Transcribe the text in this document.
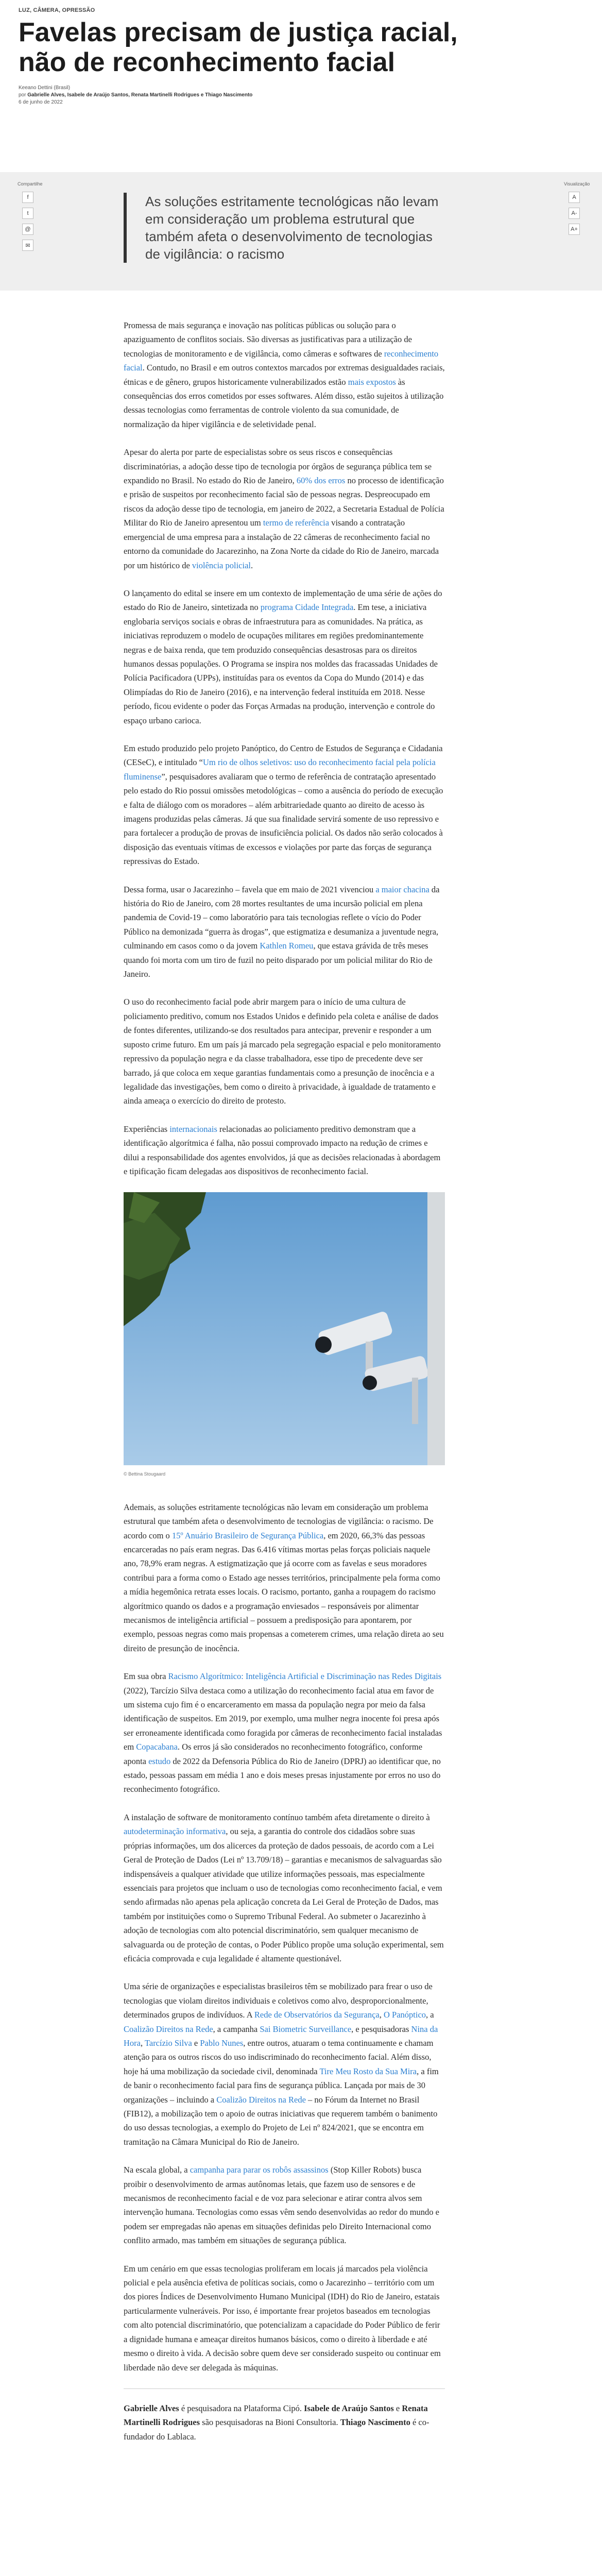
LUZ, CÂMERA, OPRESSÃO
Favelas precisam de justiça racial, não de reconhecimento facial
Keeano Dettini (Brasil)
por Gabrielle Alves, Isabele de Araújo Santos, Renata Martinelli Rodrigues e Thiago Nascimento
6 de junho de 2022
Compartilhe
f
t
@
✉
As soluções estritamente tecnológicas não levam em consideração um problema estrutural que também afeta o desenvolvimento de tecnologias de vigilância: o racismo
Visualização
A
A-
A+

Promessa de mais segurança e inovação nas políticas públicas ou solução para o apaziguamento de conflitos sociais. São diversas as justificativas para a utilização de tecnologias de monitoramento e de vigilância, como câmeras e softwares de reconhecimento facial. Contudo, no Brasil e em outros contextos marcados por extremas desigualdades raciais, étnicas e de gênero, grupos historicamente vulnerabilizados estão mais expostos às consequências dos erros cometidos por esses softwares. Além disso, estão sujeitos à utilização dessas tecnologias como ferramentas de controle violento da sua comunidade, de normalização da hiper vigilância e de seletividade penal.

Apesar do alerta por parte de especialistas sobre os seus riscos e consequências discriminatórias, a adoção desse tipo de tecnologia por órgãos de segurança pública tem se expandido no Brasil. No estado do Rio de Janeiro, 60% dos erros no processo de identificação e prisão de suspeitos por reconhecimento facial são de pessoas negras. Despreocupado em riscos da adoção desse tipo de tecnologia, em janeiro de 2022, a Secretaria Estadual de Polícia Militar do Rio de Janeiro apresentou um termo de referência visando a contratação emergencial de uma empresa para a instalação de 22 câmeras de reconhecimento facial no entorno da comunidade do Jacarezinho, na Zona Norte da cidade do Rio de Janeiro, marcada por um histórico de violência policial.

O lançamento do edital se insere em um contexto de implementação de uma série de ações do estado do Rio de Janeiro, sintetizada no programa Cidade Integrada. Em tese, a iniciativa englobaria serviços sociais e obras de infraestrutura para as comunidades. Na prática, as iniciativas reproduzem o modelo de ocupações militares em regiões predominantemente negras e de baixa renda, que tem produzido consequências desastrosas para os direitos humanos dessas populações. O Programa se inspira nos moldes das fracassadas Unidades de Polícia Pacificadora (UPPs), instituídas para os eventos da Copa do Mundo (2014) e das Olimpíadas do Rio de Janeiro (2016), e na intervenção federal instituída em 2018. Nesse período, ficou evidente o poder das Forças Armadas na produção, intervenção e controle do espaço urbano carioca.

Em estudo produzido pelo projeto Panóptico, do Centro de Estudos de Segurança e Cidadania (CESeC), e intitulado “Um rio de olhos seletivos: uso do reconhecimento facial pela polícia fluminense”, pesquisadores avaliaram que o termo de referência de contratação apresentado pelo estado do Rio possui omissões metodológicas – como a ausência do período de execução e falta de diálogo com os moradores – além arbitrariedade quanto ao direito de acesso às imagens produzidas pelas câmeras. Já que sua finalidade servirá somente de uso repressivo e para fortalecer a produção de provas de insuficiência policial. Os dados não serão colocados à disposição das eventuais vítimas de excessos e violações por parte das forças de segurança repressivas do Estado.

Dessa forma, usar o Jacarezinho – favela que em maio de 2021 vivenciou a maior chacina da história do Rio de Janeiro, com 28 mortes resultantes de uma incursão policial em plena pandemia de Covid-19 – como laboratório para tais tecnologias reflete o vício do Poder Público na demonizada “guerra às drogas”, que estigmatiza e desumaniza a juventude negra, culminando em casos como o da jovem Kathlen Romeu, que estava grávida de três meses quando foi morta com um tiro de fuzil no peito disparado por um policial militar do Rio de Janeiro.

O uso do reconhecimento facial pode abrir margem para o início de uma cultura de policiamento preditivo, comum nos Estados Unidos e definido pela coleta e análise de dados de fontes diferentes, utilizando-se dos resultados para antecipar, prevenir e responder a um suposto crime futuro. Em um país já marcado pela segregação espacial e pelo monitoramento repressivo da população negra e da classe trabalhadora, esse tipo de precedente deve ser barrado, já que coloca em xeque garantias fundamentais como a presunção de inocência e a legalidade das investigações, bem como o direito à privacidade, à igualdade de tratamento e ainda ameaça o exercício do direito de protesto.

Experiências internacionais relacionadas ao policiamento preditivo demonstram que a identificação algorítmica é falha, não possui comprovado impacto na redução de crimes e dilui a responsabilidade dos agentes envolvidos, já que as decisões relacionadas à abordagem e tipificação ficam delegadas aos dispositivos de reconhecimento facial.

© Bettina Stougaard

Ademais, as soluções estritamente tecnológicas não levam em consideração um problema estrutural que também afeta o desenvolvimento de tecnologias de vigilância: o racismo. De acordo com o 15º Anuário Brasileiro de Segurança Pública, em 2020, 66,3% das pessoas encarceradas no país eram negras. Das 6.416 vítimas mortas pelas forças policiais naquele ano, 78,9% eram negras. A estigmatização que já ocorre com as favelas e seus moradores contribui para a forma como o Estado age nesses territórios, principalmente pela forma como a mídia hegemônica retrata esses locais. O racismo, portanto, ganha a roupagem do racismo algorítmico quando os dados e a programação enviesados – responsáveis por alimentar mecanismos de inteligência artificial – possuem a predisposição para apontarem, por exemplo, pessoas negras como mais propensas a cometerem crimes, uma relação direta ao seu direito de presunção de inocência.

Em sua obra Racismo Algorítmico: Inteligência Artificial e Discriminação nas Redes Digitais (2022), Tarcízio Silva destaca como a utilização do reconhecimento facial atua em favor de um sistema cujo fim é o encarceramento em massa da população negra por meio da falsa identificação de suspeitos. Em 2019, por exemplo, uma mulher negra inocente foi presa após ser erroneamente identificada como foragida por câmeras de reconhecimento facial instaladas em Copacabana. Os erros já são considerados no reconhecimento fotográfico, conforme aponta estudo de 2022 da Defensoria Pública do Rio de Janeiro (DPRJ) ao identificar que, no estado, pessoas passam em média 1 ano e dois meses presas injustamente por erros no uso do reconhecimento fotográfico.

A instalação de software de monitoramento contínuo também afeta diretamente o direito à autodeterminação informativa, ou seja, a garantia do controle dos cidadãos sobre suas próprias informações, um dos alicerces da proteção de dados pessoais, de acordo com a Lei Geral de Proteção de Dados (Lei nº 13.709/18) – garantias e mecanismos de salvaguardas são indispensáveis a qualquer atividade que utilize informações pessoais, mas especialmente essenciais para projetos que incluam o uso de tecnologias como reconhecimento facial, e vem sendo afirmadas não apenas pela aplicação concreta da Lei Geral de Proteção de Dados, mas também por instituições como o Supremo Tribunal Federal. Ao submeter o Jacarezinho à adoção de tecnologias com alto potencial discriminatório, sem qualquer mecanismo de salvaguarda ou de proteção de contas, o Poder Público propõe uma solução experimental, sem eficácia comprovada e cuja legalidade é altamente questionável.

Uma série de organizações e especialistas brasileiros têm se mobilizado para frear o uso de tecnologias que violam direitos individuais e coletivos como alvo, desproporcionalmente, determinados grupos de indivíduos. A Rede de Observatórios da Segurança, O Panóptico, a Coalizão Direitos na Rede, a campanha Sai Biometric Surveillance, e pesquisadoras Nina da Hora, Tarcízio Silva e Pablo Nunes, entre outros, atuaram o tema continuamente e chamam atenção para os outros riscos do uso indiscriminado do reconhecimento facial. Além disso, hoje há uma mobilização da sociedade civil, denominada Tire Meu Rosto da Sua Mira, a fim de banir o reconhecimento facial para fins de segurança pública. Lançada por mais de 30 organizações – incluindo a Coalizão Direitos na Rede – no Fórum da Internet no Brasil (FIB12), a mobilização tem o apoio de outras iniciativas que requerem também o banimento do uso dessas tecnologias, a exemplo do Projeto de Lei nº 824/2021, que se encontra em tramitação na Câmara Municipal do Rio de Janeiro.

Na escala global, a campanha para parar os robôs assassinos (Stop Killer Robots) busca proibir o desenvolvimento de armas autônomas letais, que fazem uso de sensores e de mecanismos de reconhecimento facial e de voz para selecionar e atirar contra alvos sem intervenção humana. Tecnologias como essas vêm sendo desenvolvidas ao redor do mundo e podem ser empregadas não apenas em situações definidas pelo Direito Internacional como conflito armado, mas também em situações de segurança pública.

Em um cenário em que essas tecnologias proliferam em locais já marcados pela violência policial e pela ausência efetiva de políticas sociais, como o Jacarezinho – território com um dos piores Índices de Desenvolvimento Humano Municipal (IDH) do Rio de Janeiro, estatais particularmente vulneráveis. Por isso, é importante frear projetos baseados em tecnologias com alto potencial discriminatório, que potencializam a capacidade do Poder Público de ferir a dignidade humana e ameaçar direitos humanos básicos, como o direito à liberdade e até mesmo o direito à vida. A decisão sobre quem deve ser considerado suspeito ou continuar em liberdade não deve ser delegada às máquinas.

Gabrielle Alves é pesquisadora na Plataforma Cipó. Isabele de Araújo Santos e Renata Martinelli Rodrigues são pesquisadoras na Bioni Consultoria. Thiago Nascimento é co-fundador do Lablaca.
